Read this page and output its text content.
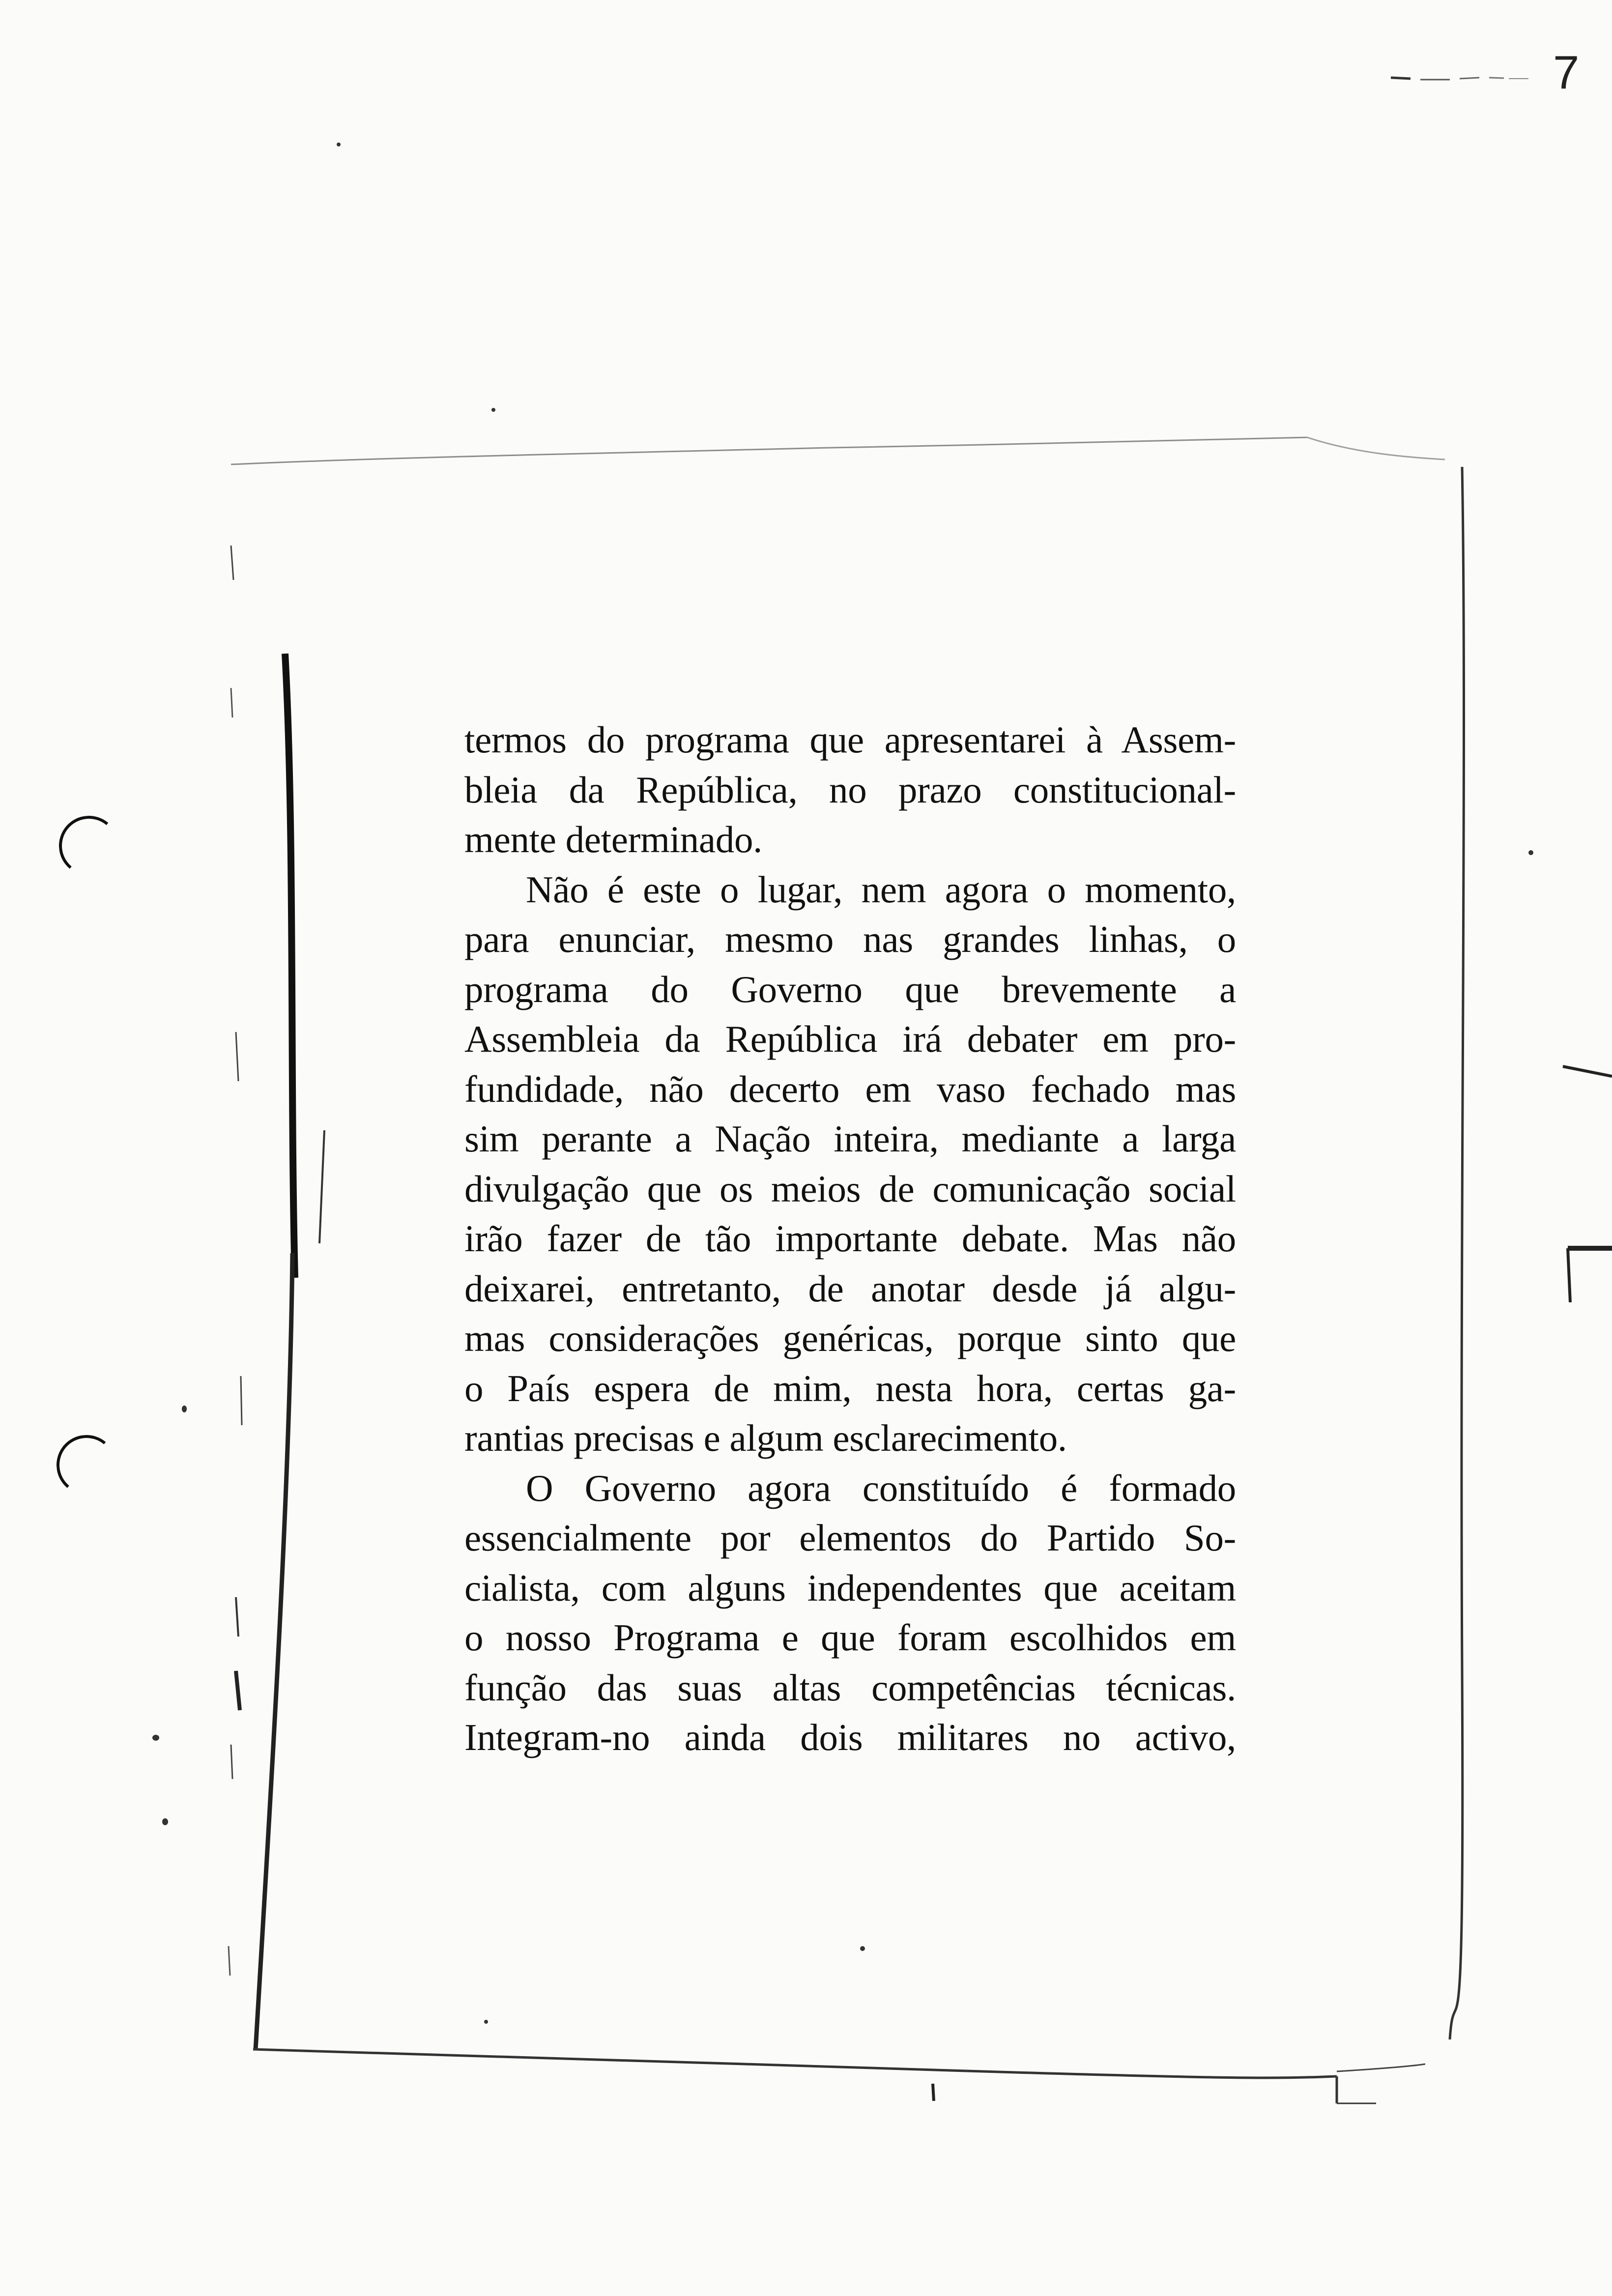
7
termos do programa que apresentarei à Assem-
bleia da República, no prazo constitucional-
mente determinado.
Não é este o lugar, nem agora o momento,
para enunciar, mesmo nas grandes linhas, o
programa do Governo que brevemente a
Assembleia da República irá debater em pro-
fundidade, não decerto em vaso fechado mas
sim perante a Nação inteira, mediante a larga
divulgação que os meios de comunicação social
irão fazer de tão importante debate. Mas não
deixarei, entretanto, de anotar desde já algu-
mas considerações genéricas, porque sinto que
o País espera de mim, nesta hora, certas ga-
rantias precisas e algum esclarecimento.
O Governo agora constituído é formado
essencialmente por elementos do Partido So-
cialista, com alguns independentes que aceitam
o nosso Programa e que foram escolhidos em
função das suas altas competências técnicas.
Integram-no ainda dois militares no activo,
